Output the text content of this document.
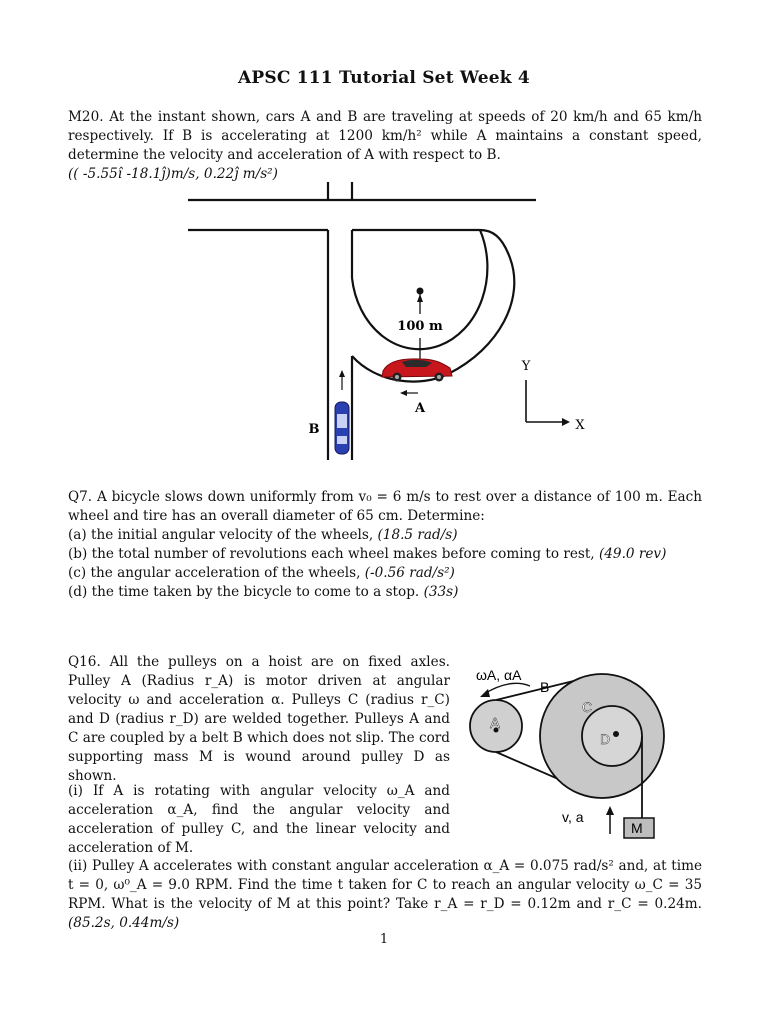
APSC 111 Tutorial Set Week 4
M20. At the instant shown, cars A and B are traveling at speeds of 20 km/h and 65 km/h respectively. If B is accelerating at 1200 km/h² while A maintains a constant speed, determine the velocity and acceleration of A with respect to B.
(( -5.55î -18.1ĵ)m/s, 0.22ĵ m/s²)
100 m
A
B
Y
X
Q7. A bicycle slows down uniformly from v₀ = 6 m/s to rest over a distance of 100 m. Each wheel and tire has an overall diameter of 65 cm. Determine:
(a) the initial angular velocity of the wheels, (18.5 rad/s)
(b) the total number of revolutions each wheel makes before coming to rest, (49.0 rev)
(c) the angular acceleration of the wheels, (-0.56 rad/s²)
(d) the time taken by the bicycle to come to a stop. (33s)
Q16. All the pulleys on a hoist are on fixed axles. Pulley A (Radius r_A) is motor driven at angular velocity ω and acceleration α. Pulleys C (radius r_C) and D (radius r_D) are welded together. Pulleys A and C are coupled by a belt B which does not slip. The cord supporting mass M is wound around pulley D as shown.
(i) If A is rotating with angular velocity ω_A and acceleration α_A, find the angular velocity and acceleration of pulley C, and the linear velocity and acceleration of M.
ωA, αA
A
B
C
D
v, a
M
(ii) Pulley A accelerates with constant angular acceleration α_A = 0.075 rad/s² and, at time t = 0, ω⁰_A = 9.0 RPM. Find the time t taken for C to reach an angular velocity ω_C = 35 RPM. What is the velocity of M at this point? Take r_A = r_D = 0.12m and r_C = 0.24m. (85.2s, 0.44m/s)
1
